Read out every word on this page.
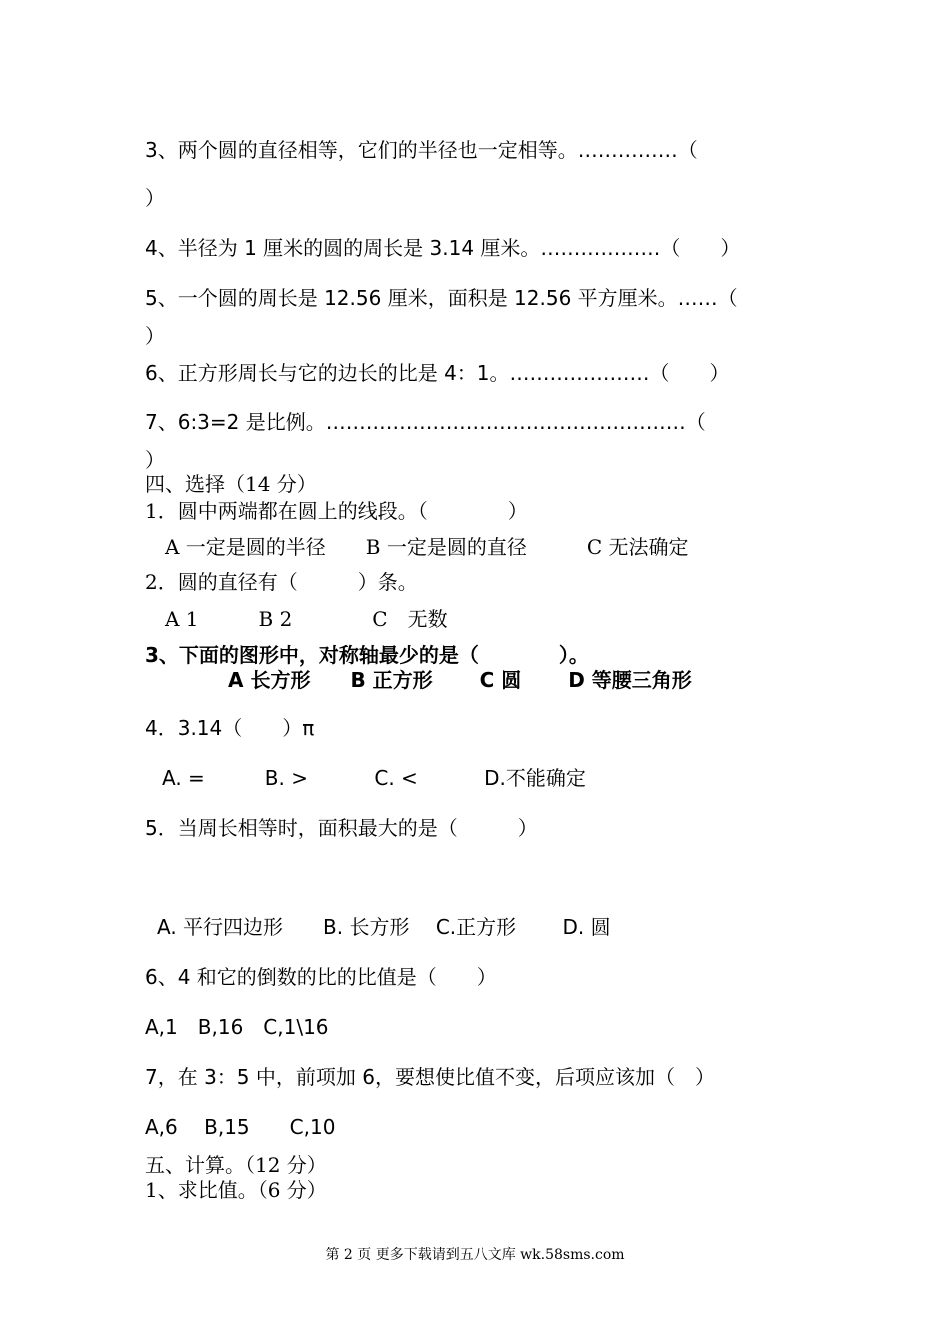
3、两个圆的直径相等，它们的半径也一定相等。……………（
）
4、半径为 1 厘米的圆的周长是 3.14 厘米。………………（　　）
5、一个圆的周长是 12.56 厘米，面积是 12.56 平方厘米。……（
）
6、正方形周长与它的边长的比是 4：1。…………………（　　）
7、6:3=2 是比例。………………………………………………（
）
四、选择（14 分）
1．圆中两端都在圆上的线段。（　　　　）
A 一定是圆的半径　　B 一定是圆的直径　　　C 无法确定
2．圆的直径有（　　　）条。
A 1　　　B 2　　　　C　无数
3、下面的图形中，对称轴最少的是（　　　　）。
A 长方形　　B 正方形　　 C 圆　　 D 等腰三角形
4．3.14（　　）π
A. =　　　B. >　　　 C. <　　　 D.不能确定
5．当周长相等时，面积最大的是（　　　）
A. 平行四边形　　B. 长方形　 C.正方形　　 D. 圆
6、4 和它的倒数的比的比值是（　　）
A,1　B,16　C,1\16
7，在 3：5 中，前项加 6，要想使比值不变，后项应该加（　）
A,6　 B,15　　C,10
五、计算。（12 分）
1、求比值。（6 分）
第 2 页 更多下载请到五八文库 wk.58sms.com
